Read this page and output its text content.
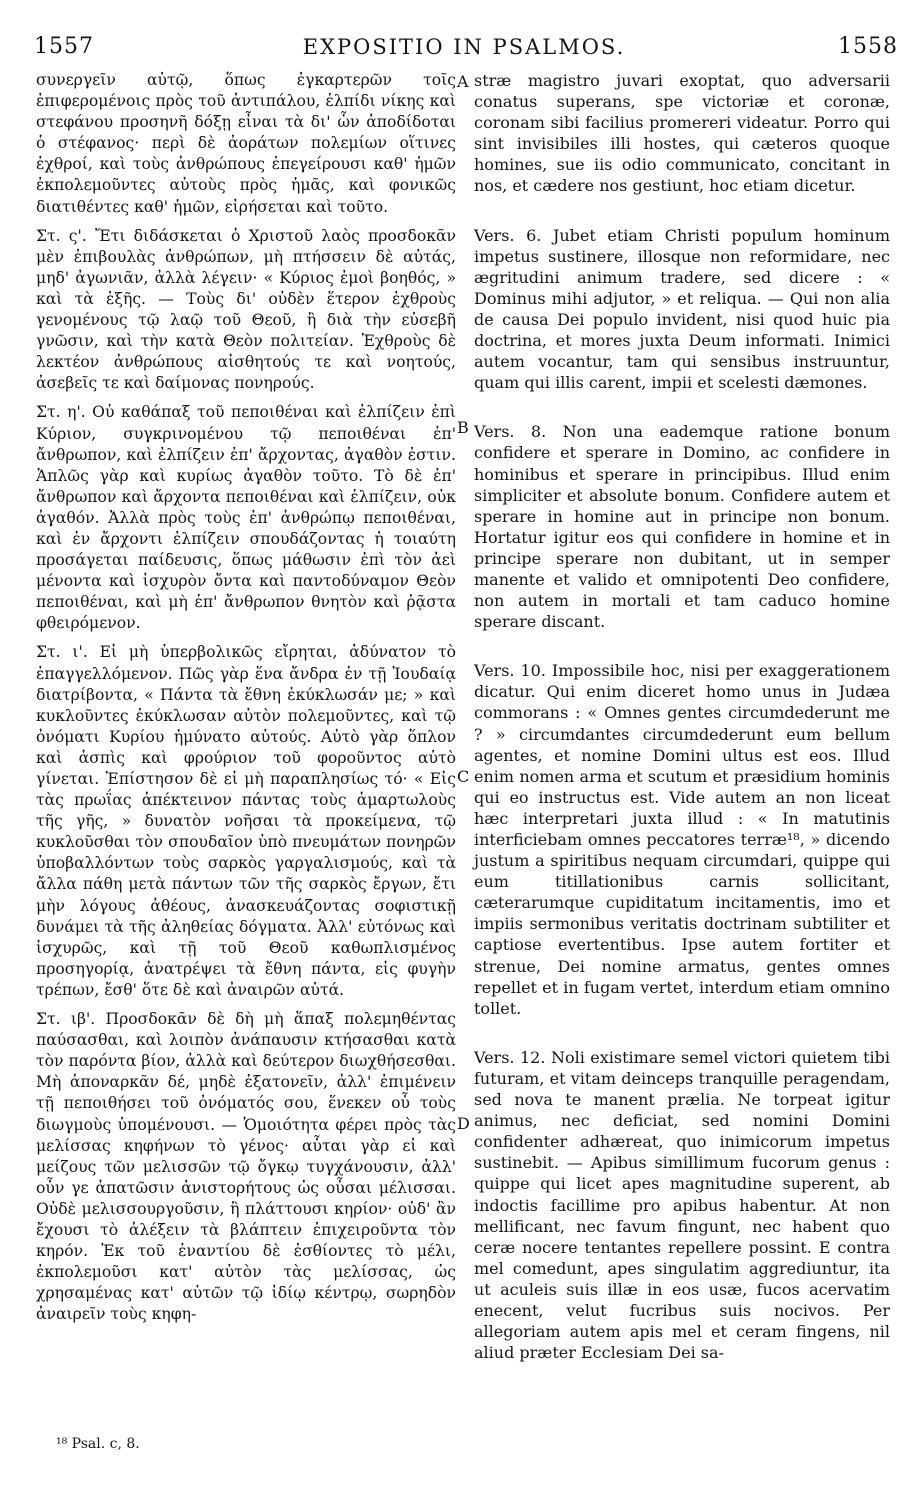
1557	EXPOSITIO IN PSALMOS.	1558

συνεργεῖν αὐτῷ, ὅπως ἐγκαρτερῶν τοῖς ἐπιφερομένοις πρὸς τοῦ ἀντιπάλου, ἐλπίδι νίκης καὶ στεφάνου προσηνῆ δόξῃ εἶναι τὰ δι' ὧν ἀποδίδοται ὁ στέφανος· περὶ δὲ ἀοράτων πολεμίων οἵτινες ἐχθροί, καὶ τοὺς ἀνθρώπους ἐπεγείρουσι καθ' ἡμῶν ἐκπολεμοῦντες αὐτοὺς πρὸς ἡμᾶς, καὶ φονικῶς διατιθέντες καθ' ἡμῶν, εἰρήσεται καὶ τοῦτο.

Στ. ς'. Ἔτι διδάσκεται ὁ Χριστοῦ λαὸς προσδοκᾶν μὲν ἐπιβουλὰς ἀνθρώπων, μὴ πτήσσειν δὲ αὐτάς, μηδ' ἀγωνιᾶν, ἀλλὰ λέγειν· « Κύριος ἐμοὶ βοηθός, » καὶ τὰ ἑξῆς. — Τοὺς δι' οὐδὲν ἕτερον ἐχθροὺς γενομένους τῷ λαῷ τοῦ Θεοῦ, ἢ διὰ τὴν εὐσεβῆ γνῶσιν, καὶ τὴν κατὰ Θεὸν πολιτείαν. Ἐχθροὺς δὲ λεκτέον ἀνθρώπους αἰσθητούς τε καὶ νοητούς, ἀσεβεῖς τε καὶ δαίμονας πονηρούς.

Στ. η'. Οὐ καθάπαξ τοῦ πεποιθέναι καὶ ἐλπίζειν ἐπὶ Κύριον, συγκρινομένου τῷ πεποιθέναι ἐπ' ἄνθρωπον, καὶ ἐλπίζειν ἐπ' ἄρχοντας, ἀγαθὸν ἐστιν. Ἁπλῶς γὰρ καὶ κυρίως ἀγαθὸν τοῦτο. Τὸ δὲ ἐπ' ἄνθρωπον καὶ ἄρχοντα πεποιθέναι καὶ ἐλπίζειν, οὐκ ἀγαθόν. Ἀλλὰ πρὸς τοὺς ἐπ' ἀνθρώπῳ πεποιθέναι, καὶ ἐν ἄρχοντι ἐλπίζειν σπουδάζοντας ἡ τοιαύτη προσάγεται παίδευσις, ὅπως μάθωσιν ἐπὶ τὸν ἀεὶ μένοντα καὶ ἰσχυρὸν ὄντα καὶ παντοδύναμον Θεὸν πεποιθέναι, καὶ μὴ ἐπ' ἄνθρωπον θνητὸν καὶ ῥᾷστα φθειρόμενον.

Στ. ι'. Εἰ μὴ ὑπερβολικῶς εἴρηται, ἀδύνατον τὸ ἐπαγγελλόμενον. Πῶς γὰρ ἕνα ἄνδρα ἐν τῇ Ἰουδαίᾳ διατρίβοντα, « Πάντα τὰ ἔθνη ἐκύκλωσάν με; » καὶ κυκλοῦντες ἐκύκλωσαν αὐτὸν πολεμοῦντες, καὶ τῷ ὀνόματι Κυρίου ἠμύνατο αὐτούς. Αὐτὸ γὰρ ὅπλον καὶ ἀσπὶς καὶ φρούριον τοῦ φοροῦντος αὐτὸ γίνεται. Ἐπίστησον δὲ εἰ μὴ παραπλησίως τό· « Εἰς τὰς πρωΐας ἀπέκτεινον πάντας τοὺς ἁμαρτωλοὺς τῆς γῆς, » δυνατὸν νοῆσαι τὰ προκείμενα, τῷ κυκλοῦσθαι τὸν σπουδαῖον ὑπὸ πνευμάτων πονηρῶν ὑποβαλλόντων τοὺς σαρκὸς γαργαλισμούς, καὶ τὰ ἄλλα πάθη μετὰ πάντων τῶν τῆς σαρκὸς ἔργων, ἔτι μὴν λόγους ἀθέους, ἀνασκευάζοντας σοφιστικῇ δυνάμει τὰ τῆς ἀληθείας δόγματα. Ἀλλ' εὐτόνως καὶ ἰσχυρῶς, καὶ τῇ τοῦ Θεοῦ καθωπλισμένος προσηγορίᾳ, ἀνατρέψει τὰ ἔθνη πάντα, εἰς φυγὴν τρέπων, ἔσθ' ὅτε δὲ καὶ ἀναιρῶν αὐτά.

Στ. ιβ'. Προσδοκᾶν δὲ δὴ μὴ ἅπαξ πολεμηθέντας παύσασθαι, καὶ λοιπὸν ἀνάπαυσιν κτήσασθαι κατὰ τὸν παρόντα βίον, ἀλλὰ καὶ δεύτερον διωχθήσεσθαι. Μὴ ἀποναρκᾶν δέ, μηδὲ ἐξατονεῖν, ἀλλ' ἐπιμένειν τῇ πεποιθήσει τοῦ ὀνόματός σου, ἕνεκεν οὗ τοὺς διωγμοὺς ὑπομένουσι. — Ὁμοιότητα φέρει πρὸς τὰς μελίσσας κηφήνων τὸ γένος· αὗται γὰρ εἰ καὶ μείζους τῶν μελισσῶν τῷ ὄγκῳ τυγχάνουσιν, ἀλλ' οὖν γε ἀπατῶσιν ἀνιστορήτους ὡς οὖσαι μέλισσαι. Οὐδὲ μελισσουργοῦσιν, ἢ πλάττουσι κηρίον· οὐδ' ἂν ἔχουσι τὸ ἀλέξειν τὰ βλάπτειν ἐπιχειροῦντα τὸν κηρόν. Ἐκ τοῦ ἐναντίου δὲ ἐσθίοντες τὸ μέλι, ἐκπολεμοῦσι κατ' αὐτὸν τὰς μελίσσας, ὡς χρησαμένας κατ' αὐτῶν τῷ ἰδίῳ κέντρῳ, σωρηδὸν ἀναιρεῖν τοὺς κηφη-

A
B
C
D

stræ magistro juvari exoptat, quo adversarii conatus superans, spe victoriæ et coronæ, coronam sibi facilius promereri videatur. Porro qui sint invisibiles illi hostes, qui cæteros quoque homines, sue iis odio communicato, concitant in nos, et cædere nos gestiunt, hoc etiam dicetur.

Vers. 6. Jubet etiam Christi populum hominum impetus sustinere, illosque non reformidare, nec ægritudini animum tradere, sed dicere : « Dominus mihi adjutor, » et reliqua. — Qui non alia de causa Dei populo invident, nisi quod huic pia doctrina, et mores juxta Deum informati. Inimici autem vocantur, tam qui sensibus instruuntur, quam qui illis carent, impii et scelesti dæmones.

Vers. 8. Non una eademque ratione bonum confidere et sperare in Domino, ac confidere in hominibus et sperare in principibus. Illud enim simpliciter et absolute bonum. Confidere autem et sperare in homine aut in principe non bonum. Hortatur igitur eos qui confidere in homine et in principe sperare non dubitant, ut in semper manente et valido et omnipotenti Deo confidere, non autem in mortali et tam caduco homine sperare discant.

Vers. 10. Impossibile hoc, nisi per exaggerationem dicatur. Qui enim diceret homo unus in Judæa commorans : « Omnes gentes circumdederunt me ? » circumdantes circumdederunt eum bellum agentes, et nomine Domini ultus est eos. Illud enim nomen arma et scutum et præsidium hominis qui eo instructus est. Vide autem an non liceat hæc interpretari juxta illud : « In matutinis interficiebam omnes peccatores terræ¹⁸, » dicendo justum a spiritibus nequam circumdari, quippe qui eum titillationibus carnis sollicitant, cæterarumque cupiditatum incitamentis, imo et impiis sermonibus veritatis doctrinam subtiliter et captiose evertentibus. Ipse autem fortiter et strenue, Dei nomine armatus, gentes omnes repellet et in fugam vertet, interdum etiam omnino tollet.

Vers. 12. Noli existimare semel victori quietem tibi futuram, et vitam deinceps tranquille peragendam, sed nova te manent prælia. Ne torpeat igitur animus, nec deficiat, sed nomini Domini confidenter adhæreat, quo inimicorum impetus sustinebit. — Apibus simillimum fucorum genus : quippe qui licet apes magnitudine superent, ab indoctis facillime pro apibus habentur. At non mellificant, nec favum fingunt, nec habent quo ceræ nocere tentantes repellere possint. E contra mel comedunt, apes singulatim aggrediuntur, ita ut aculeis suis illæ in eos usæ, fucos acervatim enecent, velut fucribus suis nocivos. Per allegoriam autem apis mel et ceram fingens, nil aliud præter Ecclesiam Dei sa-

¹⁸ Psal. c, 8.
